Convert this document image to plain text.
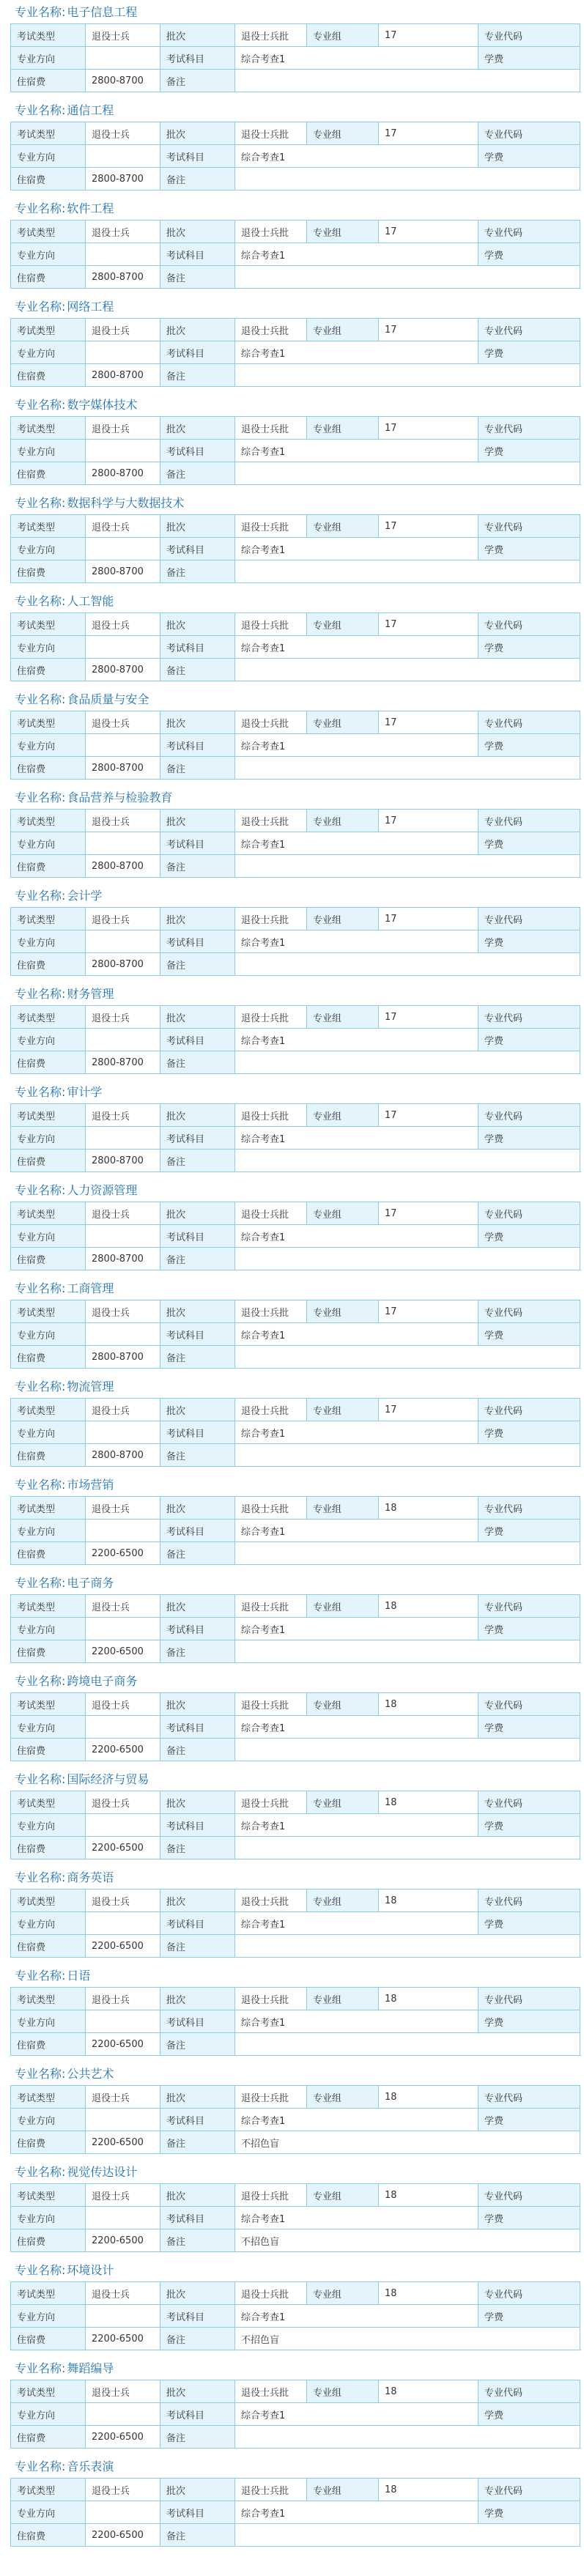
专业名称: 电子信息工程
考试类型	退役士兵	批次	退役士兵批	专业组	17	专业代码	
专业方向		考试科目	综合考查1			学费	
住宿费	2800-8700	备注					
专业名称: 通信工程
考试类型	退役士兵	批次	退役士兵批	专业组	17	专业代码	
专业方向		考试科目	综合考查1			学费	
住宿费	2800-8700	备注					
专业名称: 软件工程
考试类型	退役士兵	批次	退役士兵批	专业组	17	专业代码	
专业方向		考试科目	综合考查1			学费	
住宿费	2800-8700	备注					
专业名称: 网络工程
考试类型	退役士兵	批次	退役士兵批	专业组	17	专业代码	
专业方向		考试科目	综合考查1			学费	
住宿费	2800-8700	备注					
专业名称: 数字媒体技术
考试类型	退役士兵	批次	退役士兵批	专业组	17	专业代码	
专业方向		考试科目	综合考查1			学费	
住宿费	2800-8700	备注					
专业名称: 数据科学与大数据技术
考试类型	退役士兵	批次	退役士兵批	专业组	17	专业代码	
专业方向		考试科目	综合考查1			学费	
住宿费	2800-8700	备注					
专业名称: 人工智能
考试类型	退役士兵	批次	退役士兵批	专业组	17	专业代码	
专业方向		考试科目	综合考查1			学费	
住宿费	2800-8700	备注					
专业名称: 食品质量与安全
考试类型	退役士兵	批次	退役士兵批	专业组	17	专业代码	
专业方向		考试科目	综合考查1			学费	
住宿费	2800-8700	备注					
专业名称: 食品营养与检验教育
考试类型	退役士兵	批次	退役士兵批	专业组	17	专业代码	
专业方向		考试科目	综合考查1			学费	
住宿费	2800-8700	备注					
专业名称: 会计学
考试类型	退役士兵	批次	退役士兵批	专业组	17	专业代码	
专业方向		考试科目	综合考查1			学费	
住宿费	2800-8700	备注					
专业名称: 财务管理
考试类型	退役士兵	批次	退役士兵批	专业组	17	专业代码	
专业方向		考试科目	综合考查1			学费	
住宿费	2800-8700	备注					
专业名称: 审计学
考试类型	退役士兵	批次	退役士兵批	专业组	17	专业代码	
专业方向		考试科目	综合考查1			学费	
住宿费	2800-8700	备注					
专业名称: 人力资源管理
考试类型	退役士兵	批次	退役士兵批	专业组	17	专业代码	
专业方向		考试科目	综合考查1			学费	
住宿费	2800-8700	备注					
专业名称: 工商管理
考试类型	退役士兵	批次	退役士兵批	专业组	17	专业代码	
专业方向		考试科目	综合考查1			学费	
住宿费	2800-8700	备注					
专业名称: 物流管理
考试类型	退役士兵	批次	退役士兵批	专业组	17	专业代码	
专业方向		考试科目	综合考查1			学费	
住宿费	2800-8700	备注					
专业名称: 市场营销
考试类型	退役士兵	批次	退役士兵批	专业组	18	专业代码	
专业方向		考试科目	综合考查1			学费	
住宿费	2200-6500	备注					
专业名称: 电子商务
考试类型	退役士兵	批次	退役士兵批	专业组	18	专业代码	
专业方向		考试科目	综合考查1			学费	
住宿费	2200-6500	备注					
专业名称: 跨境电子商务
考试类型	退役士兵	批次	退役士兵批	专业组	18	专业代码	
专业方向		考试科目	综合考查1			学费	
住宿费	2200-6500	备注					
专业名称: 国际经济与贸易
考试类型	退役士兵	批次	退役士兵批	专业组	18	专业代码	
专业方向		考试科目	综合考查1			学费	
住宿费	2200-6500	备注					
专业名称: 商务英语
考试类型	退役士兵	批次	退役士兵批	专业组	18	专业代码	
专业方向		考试科目	综合考查1			学费	
住宿费	2200-6500	备注					
专业名称: 日语
考试类型	退役士兵	批次	退役士兵批	专业组	18	专业代码	
专业方向		考试科目	综合考查1			学费	
住宿费	2200-6500	备注					
专业名称: 公共艺术
考试类型	退役士兵	批次	退役士兵批	专业组	18	专业代码	
专业方向		考试科目	综合考查1			学费	
住宿费	2200-6500	备注	不招色盲				
专业名称: 视觉传达设计
考试类型	退役士兵	批次	退役士兵批	专业组	18	专业代码	
专业方向		考试科目	综合考查1			学费	
住宿费	2200-6500	备注	不招色盲				
专业名称: 环境设计
考试类型	退役士兵	批次	退役士兵批	专业组	18	专业代码	
专业方向		考试科目	综合考查1			学费	
住宿费	2200-6500	备注	不招色盲				
专业名称: 舞蹈编导
考试类型	退役士兵	批次	退役士兵批	专业组	18	专业代码	
专业方向		考试科目	综合考查1			学费	
住宿费	2200-6500	备注					
专业名称: 音乐表演
考试类型	退役士兵	批次	退役士兵批	专业组	18	专业代码	
专业方向		考试科目	综合考查1			学费	
住宿费	2200-6500	备注					
